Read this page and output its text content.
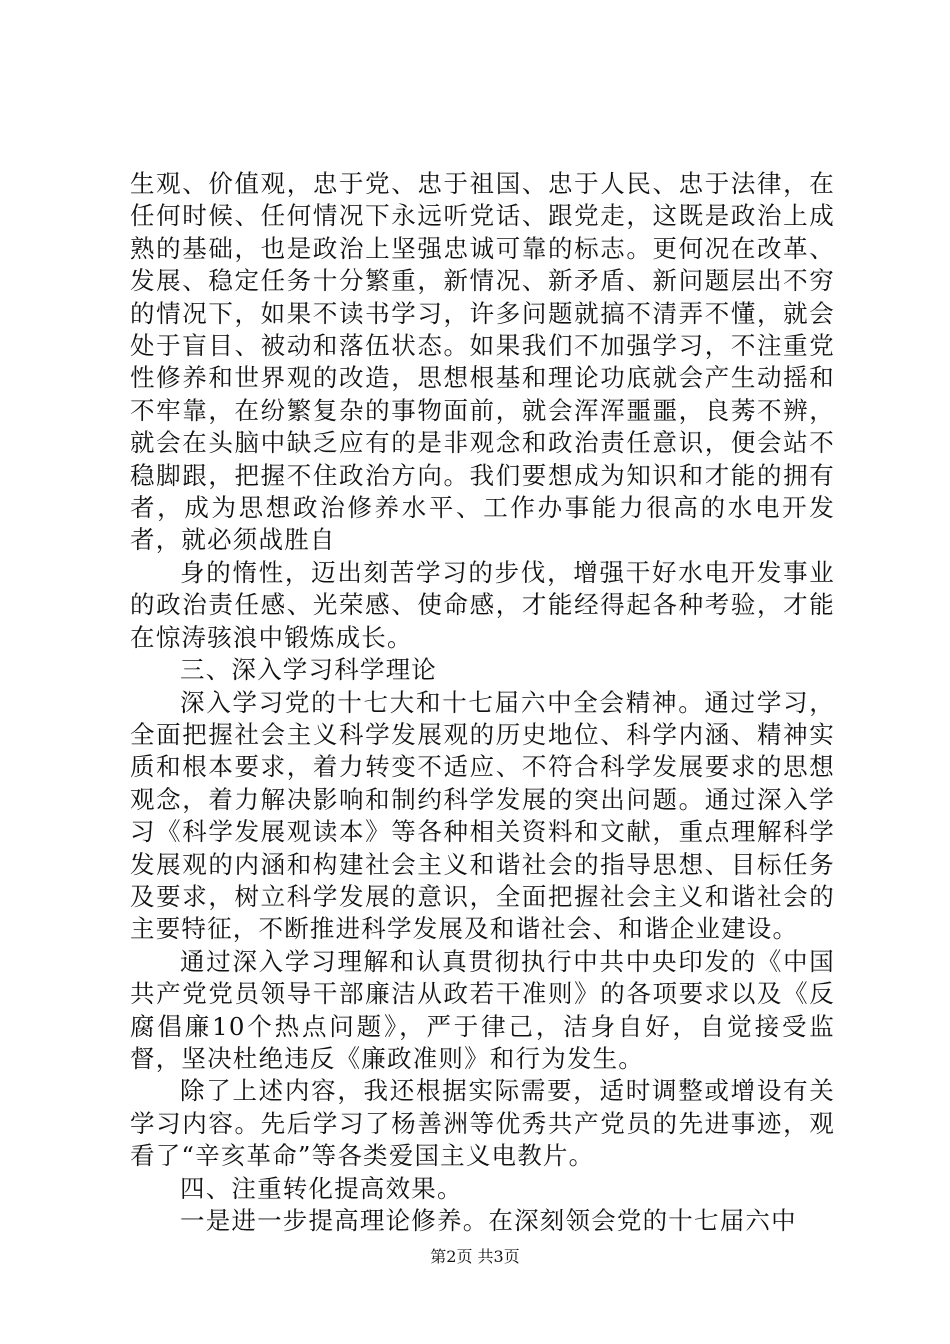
生观、价值观，忠于党、忠于祖国、忠于人民、忠于法律，在任何时候、任何情况下永远听党话、跟党走，这既是政治上成熟的基础，也是政治上坚强忠诚可靠的标志。更何况在改革、发展、稳定任务十分繁重，新情况、新矛盾、新问题层出不穷的情况下，如果不读书学习，许多问题就搞不清弄不懂，就会处于盲目、被动和落伍状态。如果我们不加强学习，不注重党性修养和世界观的改造，思想根基和理论功底就会产生动摇和不牢靠，在纷繁复杂的事物面前，就会浑浑噩噩，良莠不辨，就会在头脑中缺乏应有的是非观念和政治责任意识，便会站不稳脚跟，把握不住政治方向。我们要想成为知识和才能的拥有者，成为思想政治修养水平、工作办事能力很高的水电开发者，就必须战胜自

身的惰性，迈出刻苦学习的步伐，增强干好水电开发事业的政治责任感、光荣感、使命感，才能经得起各种考验，才能在惊涛骇浪中锻炼成长。

三、深入学习科学理论

深入学习党的十七大和十七届六中全会精神。通过学习，全面把握社会主义科学发展观的历史地位、科学内涵、精神实质和根本要求，着力转变不适应、不符合科学发展要求的思想观念，着力解决影响和制约科学发展的突出问题。通过深入学习《科学发展观读本》等各种相关资料和文献，重点理解科学发展观的内涵和构建社会主义和谐社会的指导思想、目标任务及要求，树立科学发展的意识，全面把握社会主义和谐社会的主要特征，不断推进科学发展及和谐社会、和谐企业建设。

通过深入学习理解和认真贯彻执行中共中央印发的《中国共产党党员领导干部廉洁从政若干准则》的各项要求以及《反腐倡廉10个热点问题》，严于律己，洁身自好，自觉接受监督，坚决杜绝违反《廉政准则》和行为发生。

除了上述内容，我还根据实际需要，适时调整或增设有关学习内容。先后学习了杨善洲等优秀共产党员的先进事迹，观看了“辛亥革命”等各类爱国主义电教片。

四、注重转化提高效果。

一是进一步提高理论修养。在深刻领会党的十七届六中

第2页 共3页
